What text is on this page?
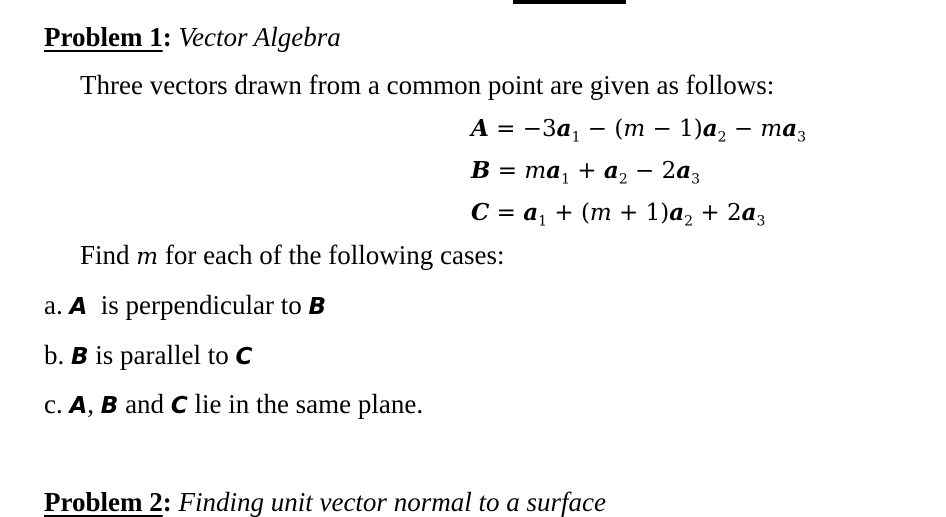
Problem 1: Vector Algebra
Three vectors drawn from a common point are given as follows:
$A = -3a_1 - (m - 1)a_2 - ma_3$
$B = ma_1 + a_2 - 2a_3$
$C = a_1 + (m + 1)a_2 + 2a_3$
Find m for each of the following cases:
a. A  is perpendicular to B
b. B is parallel to C
c. A, B and C lie in the same plane.
Problem 2: Finding unit vector normal to a surface
